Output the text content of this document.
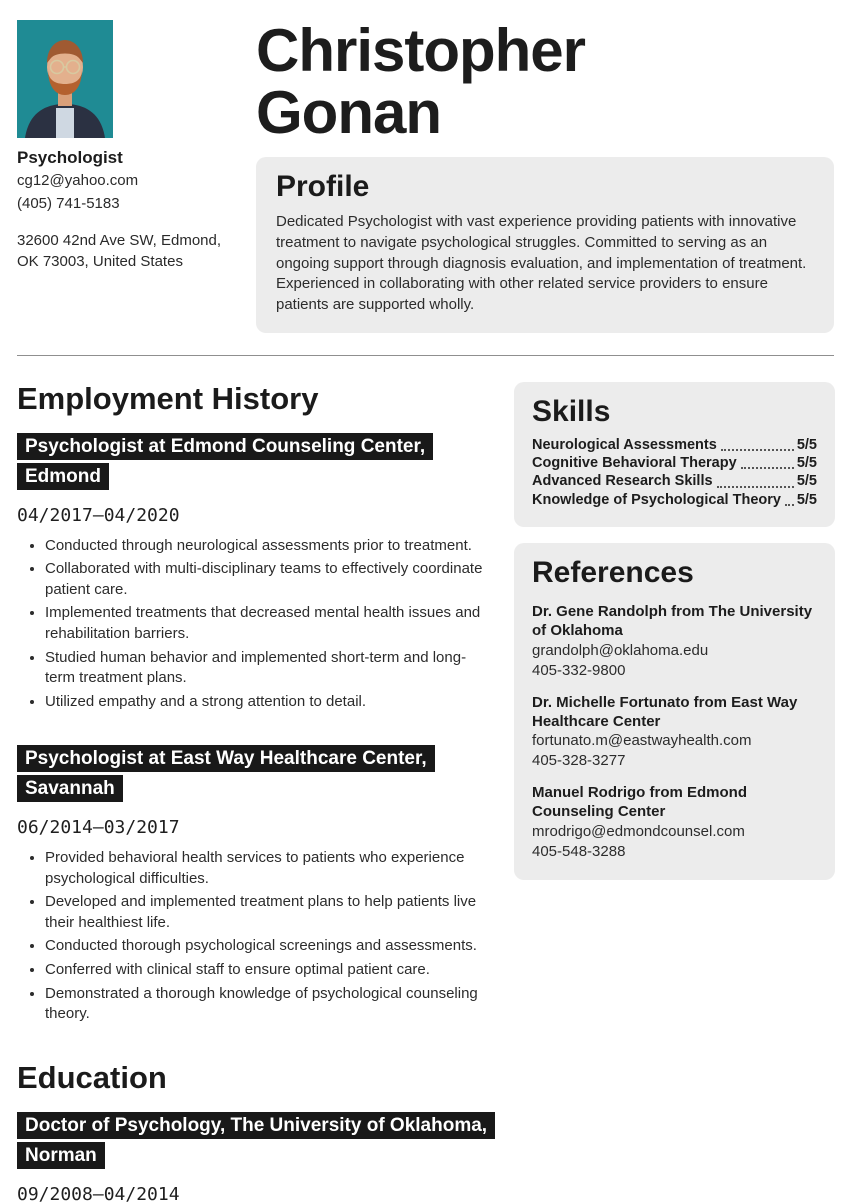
Psychologist
cg12@yahoo.com
(405) 741-5183
32600 42nd Ave SW, Edmond, OK 73003, United States
Christopher Gonan
Profile

Dedicated Psychologist with vast experience providing patients with innovative treatment to navigate psychological struggles. Committed to serving as an ongoing support through diagnosis evaluation, and implementation of treatment. Experienced in collaborating with other related service providers to ensure patients are supported wholly.

Employment History
Psychologist at Edmond Counseling Center, Edmond
04/2017—04/2020
• Conducted through neurological assessments prior to treatment.
• Collaborated with multi-disciplinary teams to effectively coordinate patient care.
• Implemented treatments that decreased mental health issues and rehabilitation barriers.
• Studied human behavior and implemented short-term and long-term treatment plans.
• Utilized empathy and a strong attention to detail.
Psychologist at East Way Healthcare Center, Savannah
06/2014—03/2017
• Provided behavioral health services to patients who experience psychological difficulties.
• Developed and implemented treatment plans to help patients live their healthiest life.
• Conducted thorough psychological screenings and assessments.
• Conferred with clinical staff to ensure optimal patient care.
• Demonstrated a thorough knowledge of psychological counseling theory.
Education
Doctor of Psychology, The University of Oklahoma, Norman
09/2008—04/2014
Skills
Neurological Assessments	5/5
Cognitive Behavioral Therapy	5/5
Advanced Research Skills	5/5
Knowledge of Psychological Theory 5/5
References
Dr. Gene Randolph from The University of Oklahoma
grandolph@oklahoma.edu
405-332-9800
Dr. Michelle Fortunato from East Way Healthcare Center
fortunato.m@eastwayhealth.com
405-328-3277
Manuel Rodrigo from Edmond Counseling Center
mrodrigo@edmondcounsel.com
405-548-3288
